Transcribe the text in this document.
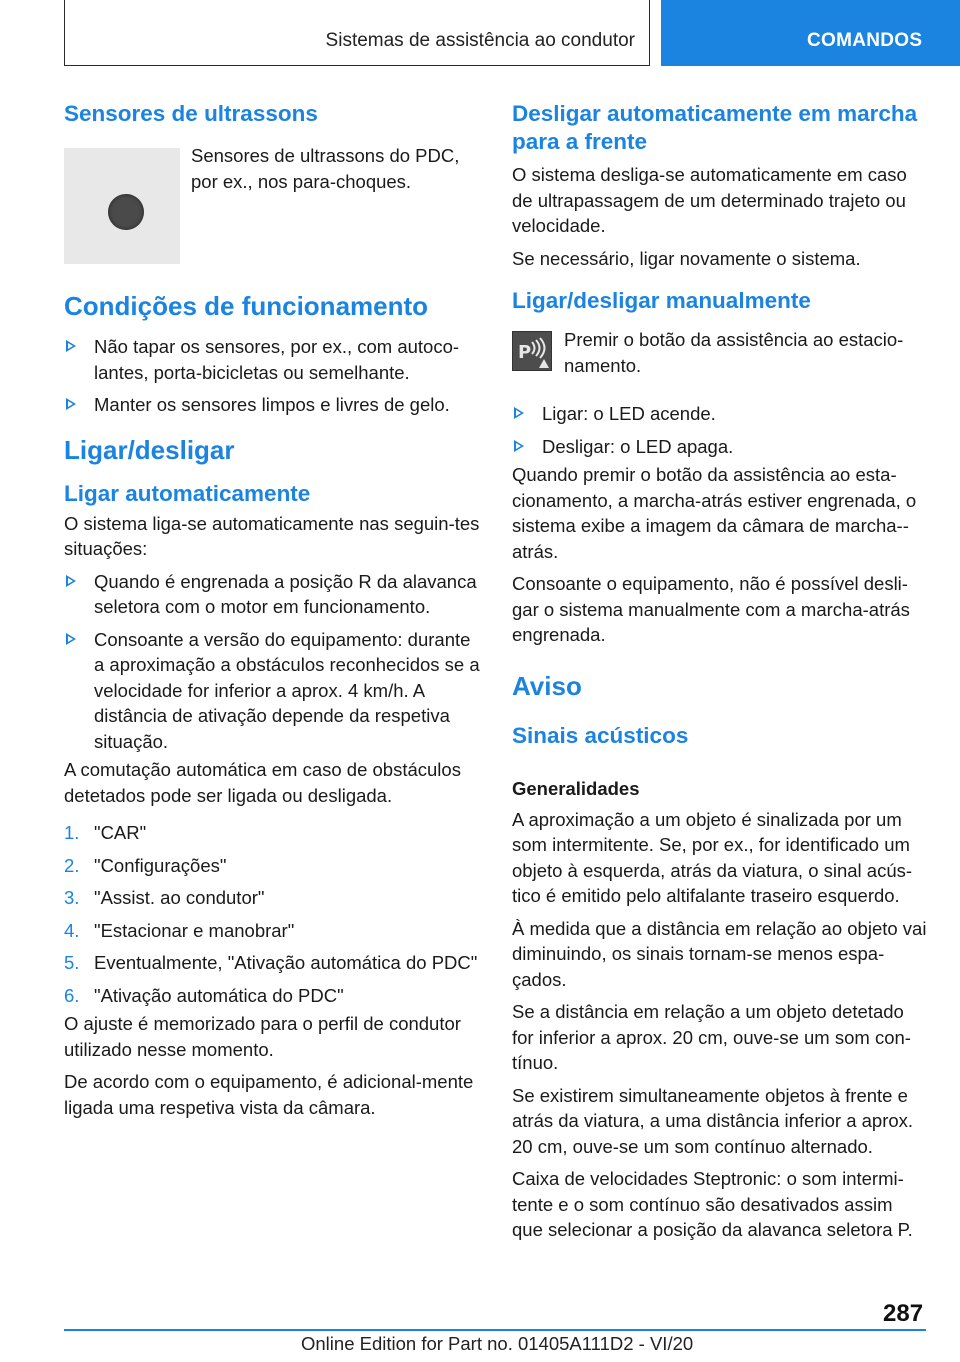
Sistemas de assistência ao condutor	COMANDOS
Sensores de ultrassons

Sensores de ultrassons do PDC, por ex., nos para-choques.

Condições de funcionamento
Não tapar os sensores, por ex., com autoco-lantes, porta-bicicletas ou semelhante.
Manter os sensores limpos e livres de gelo.
Ligar/desligar
Ligar automaticamente

O sistema liga-se automaticamente nas seguin-tes situações:

Quando é engrenada a posição R da alavanca seletora com o motor em funcionamento.
Consoante a versão do equipamento: durante a aproximação a obstáculos reconhecidos se a velocidade for inferior a aprox. 4 km/h. A distância de ativação depende da respetiva situação.

A comutação automática em caso de obstáculos detetados pode ser ligada ou desligada.

1. "CAR"
2. "Configurações"
3. "Assist. ao condutor"
4. "Estacionar e manobrar"
5. Eventualmente, "Ativação automática do PDC"
6. "Ativação automática do PDC"

O ajuste é memorizado para o perfil de condutor utilizado nesse momento.

De acordo com o equipamento, é adicional-mente ligada uma respetiva vista da câmara.

Desligar automaticamente em marcha para a frente

O sistema desliga-se automaticamente em caso de ultrapassagem de um determinado trajeto ou velocidade.

Se necessário, ligar novamente o sistema.

Ligar/desligar manualmente
P

Premir o botão da assistência ao estacio-namento.

Ligar: o LED acende.
Desligar: o LED apaga.

Quando premir o botão da assistência ao esta-cionamento, a marcha-atrás estiver engrenada, o sistema exibe a imagem da câmara de marcha--atrás.

Consoante o equipamento, não é possível desli-gar o sistema manualmente com a marcha-atrás engrenada.

Aviso
Sinais acústicos
Generalidades

A aproximação a um objeto é sinalizada por um som intermitente. Se, por ex., for identificado um objeto à esquerda, atrás da viatura, o sinal acús-tico é emitido pelo altifalante traseiro esquerdo.

À medida que a distância em relação ao objeto vai diminuindo, os sinais tornam-se menos espa-çados.

Se a distância em relação a um objeto detetado for inferior a aprox. 20 cm, ouve-se um som con-tínuo.

Se existirem simultaneamente objetos à frente e atrás da viatura, a uma distância inferior a aprox. 20 cm, ouve-se um som contínuo alternado.

Caixa de velocidades Steptronic: o som intermi-tente e o som contínuo são desativados assim que selecionar a posição da alavanca seletora P.

287
Online Edition for Part no. 01405A111D2 - VI/20
